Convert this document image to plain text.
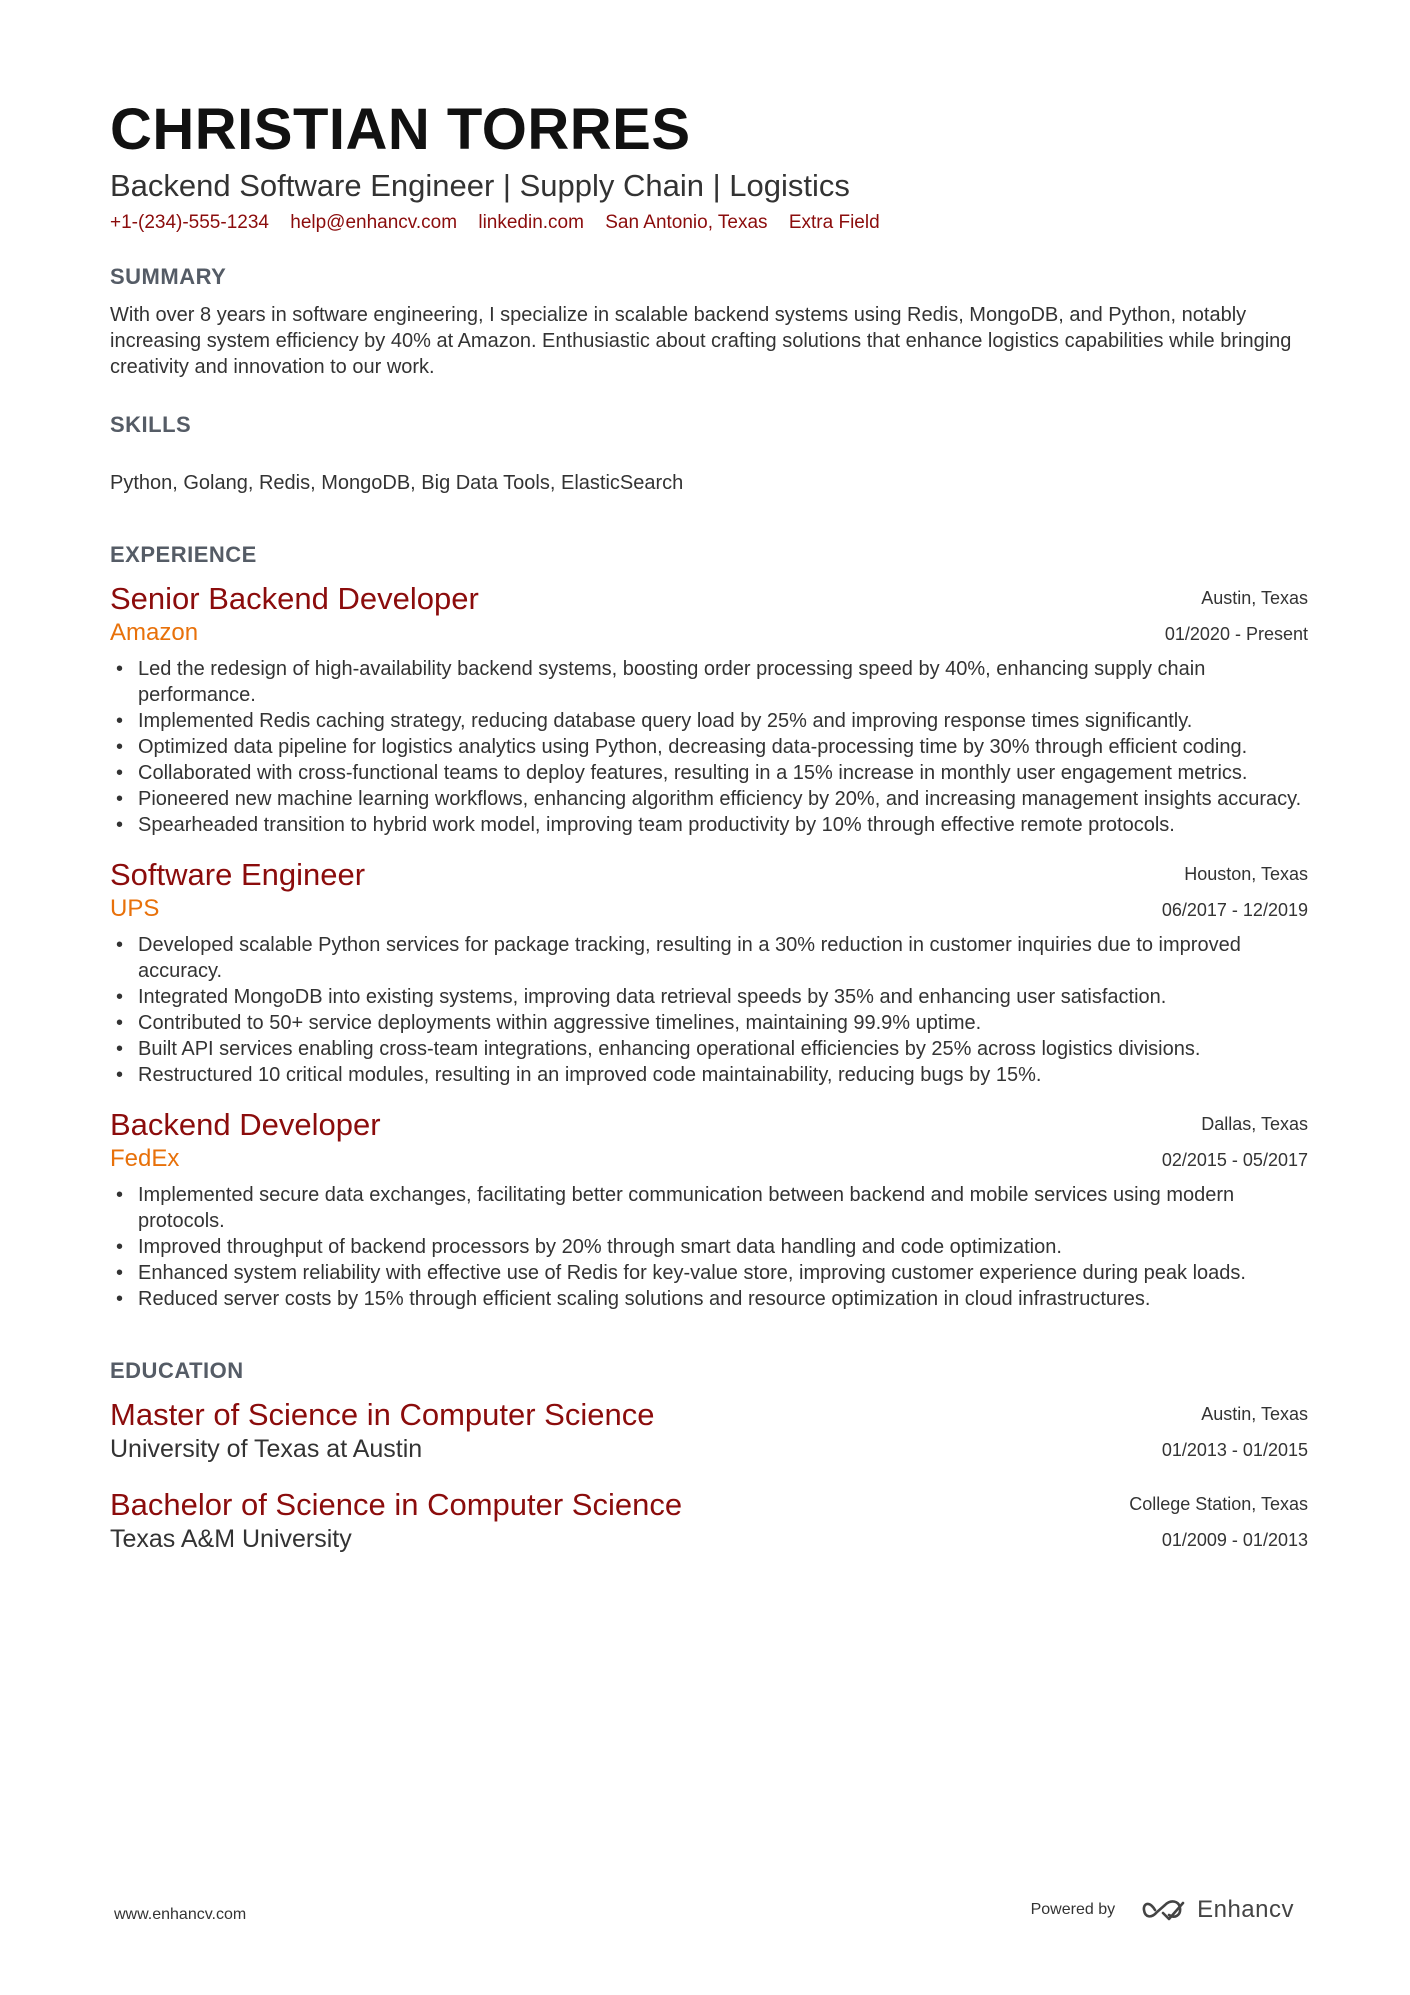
CHRISTIAN TORRES
Backend Software Engineer | Supply Chain | Logistics
+1-(234)-555-1234 help@enhancv.com linkedin.com San Antonio, Texas Extra Field
SUMMARY
With over 8 years in software engineering, I specialize in scalable backend systems using Redis, MongoDB, and Python, notably increasing system efficiency by 40% at Amazon. Enthusiastic about crafting solutions that enhance logistics capabilities while bringing creativity and innovation to our work.
SKILLS
Python, Golang, Redis, MongoDB, Big Data Tools, ElasticSearch
EXPERIENCE
Senior Backend Developer
Amazon
Austin, Texas
01/2020 - Present
• Led the redesign of high-availability backend systems, boosting order processing speed by 40%, enhancing supply chain performance.
• Implemented Redis caching strategy, reducing database query load by 25% and improving response times significantly.
• Optimized data pipeline for logistics analytics using Python, decreasing data-processing time by 30% through efficient coding.
• Collaborated with cross-functional teams to deploy features, resulting in a 15% increase in monthly user engagement metrics.
• Pioneered new machine learning workflows, enhancing algorithm efficiency by 20%, and increasing management insights accuracy.
• Spearheaded transition to hybrid work model, improving team productivity by 10% through effective remote protocols.
Software Engineer
UPS
Houston, Texas
06/2017 - 12/2019
• Developed scalable Python services for package tracking, resulting in a 30% reduction in customer inquiries due to improved accuracy.
• Integrated MongoDB into existing systems, improving data retrieval speeds by 35% and enhancing user satisfaction.
• Contributed to 50+ service deployments within aggressive timelines, maintaining 99.9% uptime.
• Built API services enabling cross-team integrations, enhancing operational efficiencies by 25% across logistics divisions.
• Restructured 10 critical modules, resulting in an improved code maintainability, reducing bugs by 15%.
Backend Developer
FedEx
Dallas, Texas
02/2015 - 05/2017
• Implemented secure data exchanges, facilitating better communication between backend and mobile services using modern protocols.
• Improved throughput of backend processors by 20% through smart data handling and code optimization.
• Enhanced system reliability with effective use of Redis for key-value store, improving customer experience during peak loads.
• Reduced server costs by 15% through efficient scaling solutions and resource optimization in cloud infrastructures.
EDUCATION
Master of Science in Computer Science
University of Texas at Austin
Austin, Texas
01/2013 - 01/2015
Bachelor of Science in Computer Science
Texas A&M University
College Station, Texas
01/2009 - 01/2013
www.enhancv.com	Powered by	Enhancv
